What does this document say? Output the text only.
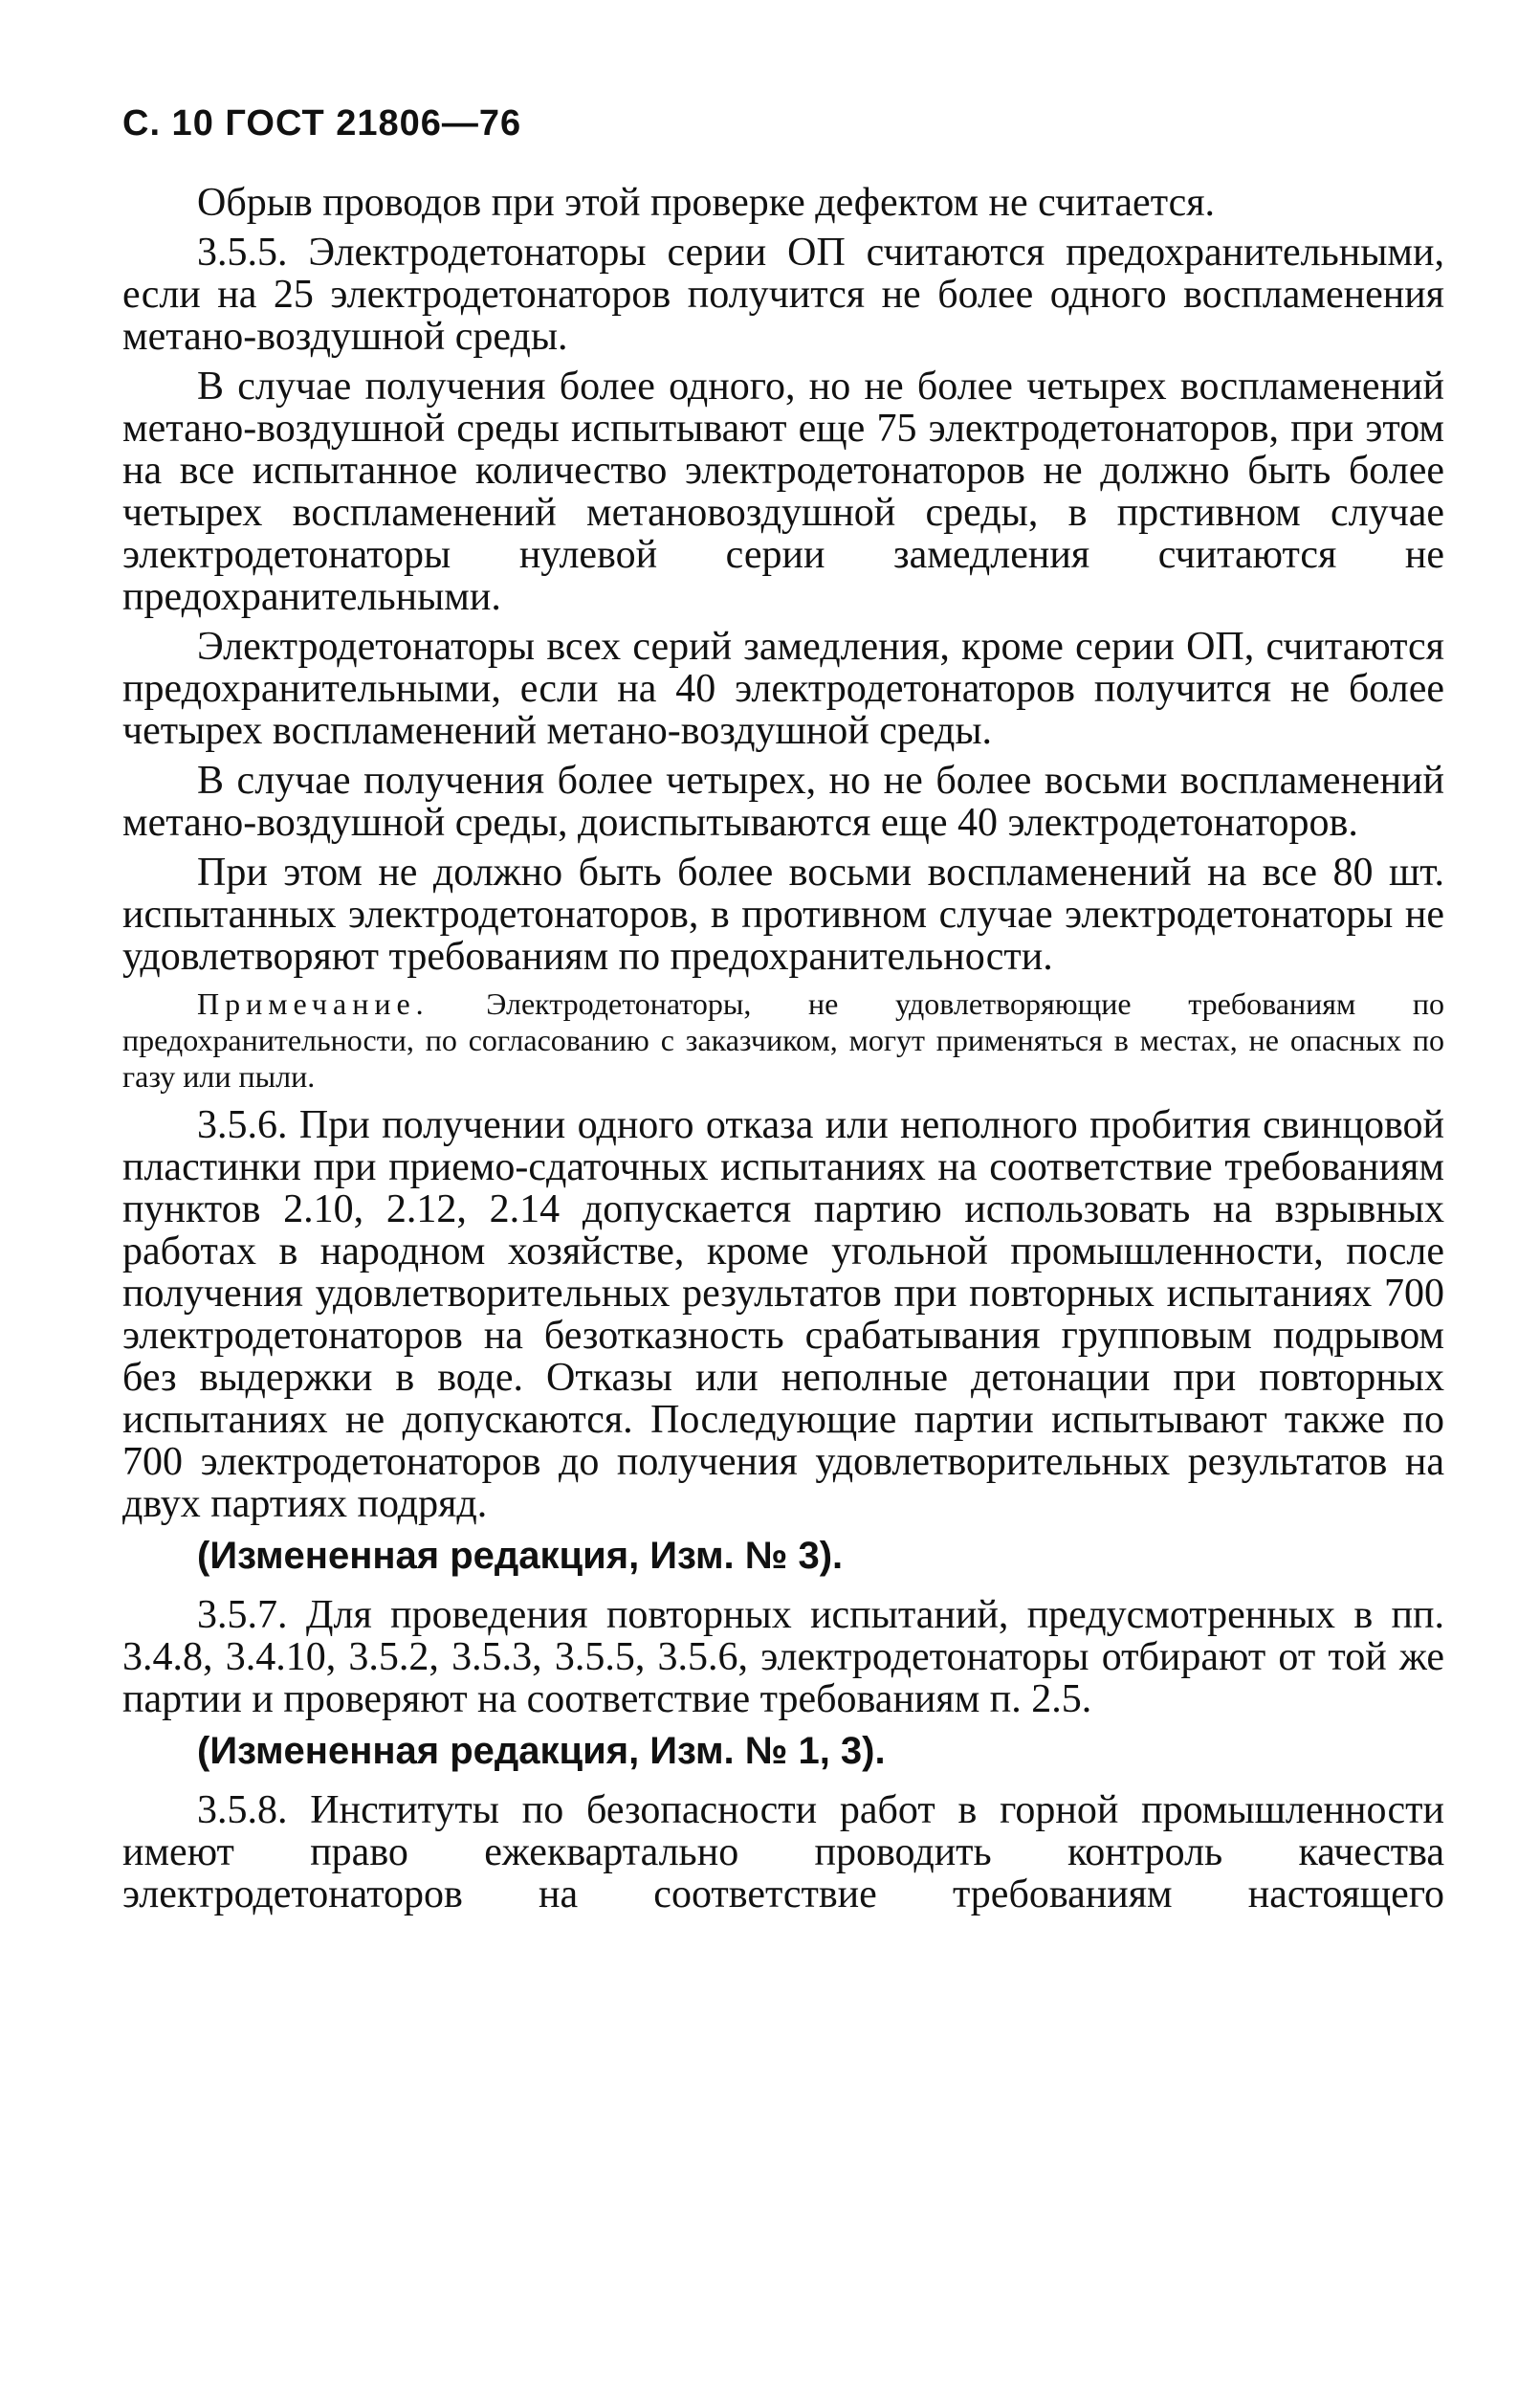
С. 10 ГОСТ 21806—76

Обрыв проводов при этой проверке дефектом не считается.

3.5.5. Электродетонаторы серии ОП считаются предохранительными, если на 25 электродетонаторов получится не более одного воспламенения метано-воздушной среды.

В случае получения более одного, но не более четырех воспламенений метано-воздушной среды испытывают еще 75 электродетонаторов, при этом на все испытанное количество электродетонаторов не должно быть более четырех воспламенений метановоздушной среды, в прстивном случае электродетонаторы нулевой серии замедления считаются не предохранительными.

Электродетонаторы всех серий замедления, кроме серии ОП, считаются предохранительными, если на 40 электродетонаторов получится не более четырех воспламенений метано-воздушной среды.

В случае получения более четырех, но не более восьми воспламенений метано-воздушной среды, доиспытываются еще 40 электродетонаторов.

При этом не должно быть более восьми воспламенений на все 80 шт. испытанных электродетонаторов, в противном случае электродетонаторы не удовлетворяют требованиям по предохранительности.

Примечание. Электродетонаторы, не удовлетворяющие требованиям по предохранительности, по согласованию с заказчиком, могут применяться в местах, не опасных по газу или пыли.

3.5.6. При получении одного отказа или неполного пробития свинцовой пластинки при приемо-сдаточных испытаниях на соответствие требованиям пунктов 2.10, 2.12, 2.14 допускается партию использовать на взрывных работах в народном хозяйстве, кроме угольной промышленности, после получения удовлетворительных результатов при повторных испытаниях 700 электродетонаторов на безотказность срабатывания групповым подрывом без выдержки в воде. Отказы или неполные детонации при повторных испытаниях не допускаются. Последующие партии испытывают также по 700 электродетонаторов до получения удовлетворительных результатов на двух партиях подряд.

(Измененная редакция, Изм. № 3).

3.5.7. Для проведения повторных испытаний, предусмотренных в пп. 3.4.8, 3.4.10, 3.5.2, 3.5.3, 3.5.5, 3.5.6, электродетонаторы отбирают от той же партии и проверяют на соответствие требованиям п. 2.5.

(Измененная редакция, Изм. № 1, 3).

3.5.8. Институты по безопасности работ в горной промышленности имеют право ежеквартально проводить контроль качества электродетонаторов на соответствие требованиям настоящего
